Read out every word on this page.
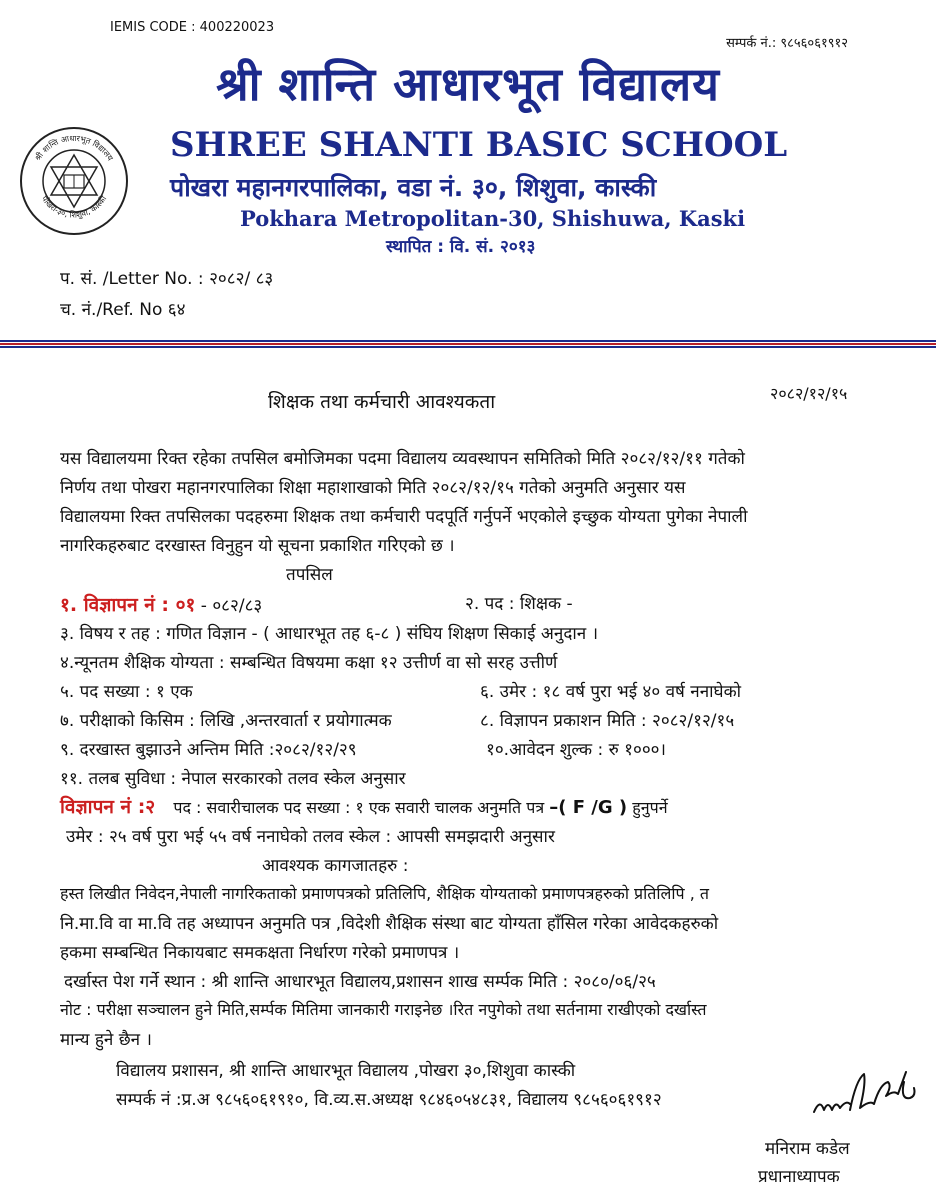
IEMIS CODE : 400220023
सम्पर्क नं.: ९८५६०६१९१२
श्री शान्ति आधारभूत विद्यालय
पोखरा-३०, शिशुवा, कास्की
श्री शान्ति आधारभूत विद्यालय
SHREE SHANTI BASIC SCHOOL
पोखरा महानगरपालिका, वडा नं. ३०, शिशुवा, कास्की
Pokhara Metropolitan-30, Shishuwa, Kaski
स्थापित : वि. सं. २०१३
प. सं. /Letter No. : २०८२/ ८३
च. नं./Ref. No ६४
शिक्षक तथा कर्मचारी आवश्यकता	२०८२/१२/१५
यस विद्यालयमा रिक्त रहेका तपसिल बमोजिमका पदमा विद्यालय व्यवस्थापन समितिको मिति २०८२/१२/११ गतेको
निर्णय तथा पोखरा महानगरपालिका शिक्षा महाशाखाको मिति २०८२/१२/१५ गतेको अनुमति अनुसार यस
विद्यालयमा रिक्त तपसिलका पदहरुमा शिक्षक तथा कर्मचारी पदपूर्ति गर्नुपर्ने भएकोले इच्छुक योग्यता पुगेका नेपाली
नागरिकहरुबाट दरखास्त विनुहुन यो सूचना प्रकाशित गरिएको छ ।
तपसिल
१. विज्ञापन नं : ०१ - ०८२/८३	२. पद : शिक्षक -
३. विषय र तह : गणित विज्ञान - ( आधारभूत तह ६-८ ) संघिय शिक्षण सिकाई अनुदान ।
४.न्यूनतम शैक्षिक योग्यता : सम्बन्धित विषयमा कक्षा १२ उत्तीर्ण वा सो सरह उत्तीर्ण
५. पद सख्या : १ एक	६. उमेर : १८ वर्ष पुरा भई ४० वर्ष ननाघेको
७. परीक्षाको किसिम : लिखि ,अन्तरवार्ता र प्रयोगात्मक	८. विज्ञापन प्रकाशन मिति : २०८२/१२/१५
९. दरखास्त बुझाउने अन्तिम मिति :२०८२/१२/२९	१०.आवेदन शुल्क : रु १०००।
११. तलब सुविधा : नेपाल सरकारको तलव स्केल अनुसार
विज्ञापन नं :२ पद : सवारीचालक पद सख्या : १ एक सवारी चालक अनुमति पत्र –( F /G ) हुनुपर्ने
उमेर : २५ वर्ष पुरा भई ५५ वर्ष ननाघेको तलव स्केल : आपसी समझदारी अनुसार
आवश्यक कागजातहरु :
हस्त लिखीत निवेदन,नेपाली नागरिकताको प्रमाणपत्रको प्रतिलिपि, शैक्षिक योग्यताको प्रमाणपत्रहरुको प्रतिलिपि , त
नि.मा.वि वा मा.वि तह अध्यापन अनुमति पत्र ,विदेशी शैक्षिक संस्था बाट योग्यता हाँसिल गरेका आवेदकहरुको
हकमा सम्बन्धित निकायबाट समकक्षता निर्धारण गरेको प्रमाणपत्र ।
दर्खास्त पेश गर्ने स्थान : श्री शान्ति आधारभूत विद्यालय,प्रशासन शाख सर्म्पक मिति : २०८०/०६/२५
नोट : परीक्षा सञ्चालन हुने मिति,सर्म्पक मितिमा जानकारी गराइनेछ ।रित नपुगेको तथा सर्तनामा राखीएको दर्खास्त
मान्य हुने छैन ।
विद्यालय प्रशासन, श्री शान्ति आधारभूत विद्यालय ,पोखरा ३०,शिशुवा कास्की
सम्पर्क नं :प्र.अ ९८५६०६१९१०, वि.व्य.स.अध्यक्ष ९८४६०५४८३१, विद्यालय ९८५६०६१९१२
मनिराम कडेल
प्रधानाध्यापक
